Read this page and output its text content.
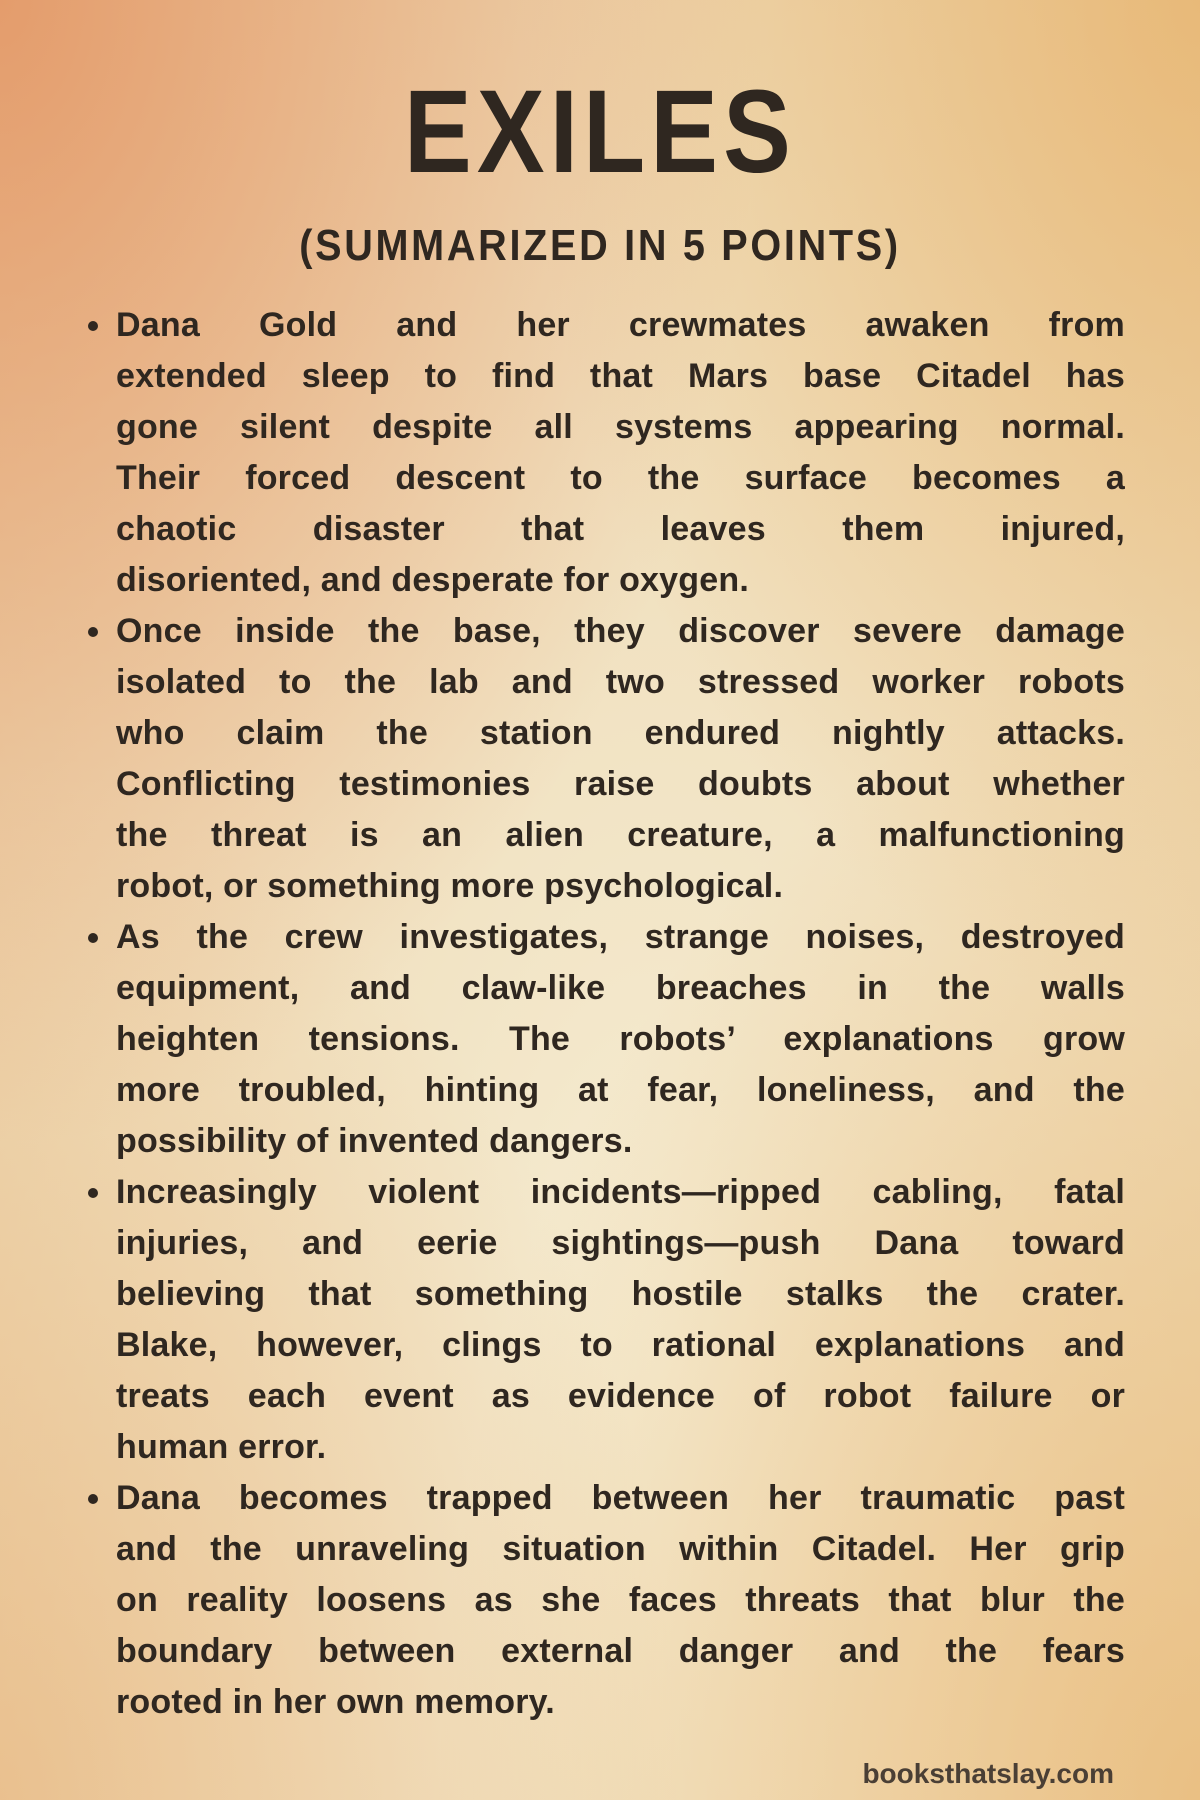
EXILES
(SUMMARIZED IN 5 POINTS)
Dana Gold and her crewmates awaken from
extended sleep to find that Mars base Citadel has
gone silent despite all systems appearing normal.
Their forced descent to the surface becomes a
chaotic disaster that leaves them injured,
disoriented, and desperate for oxygen.
Once inside the base, they discover severe damage
isolated to the lab and two stressed worker robots
who claim the station endured nightly attacks.
Conflicting testimonies raise doubts about whether
the threat is an alien creature, a malfunctioning
robot, or something more psychological.
As the crew investigates, strange noises, destroyed
equipment, and claw-like breaches in the walls
heighten tensions. The robots’ explanations grow
more troubled, hinting at fear, loneliness, and the
possibility of invented dangers.
Increasingly violent incidents—ripped cabling, fatal
injuries, and eerie sightings—push Dana toward
believing that something hostile stalks the crater.
Blake, however, clings to rational explanations and
treats each event as evidence of robot failure or
human error.
Dana becomes trapped between her traumatic past
and the unraveling situation within Citadel. Her grip
on reality loosens as she faces threats that blur the
boundary between external danger and the fears
rooted in her own memory.
booksthatslay.com
